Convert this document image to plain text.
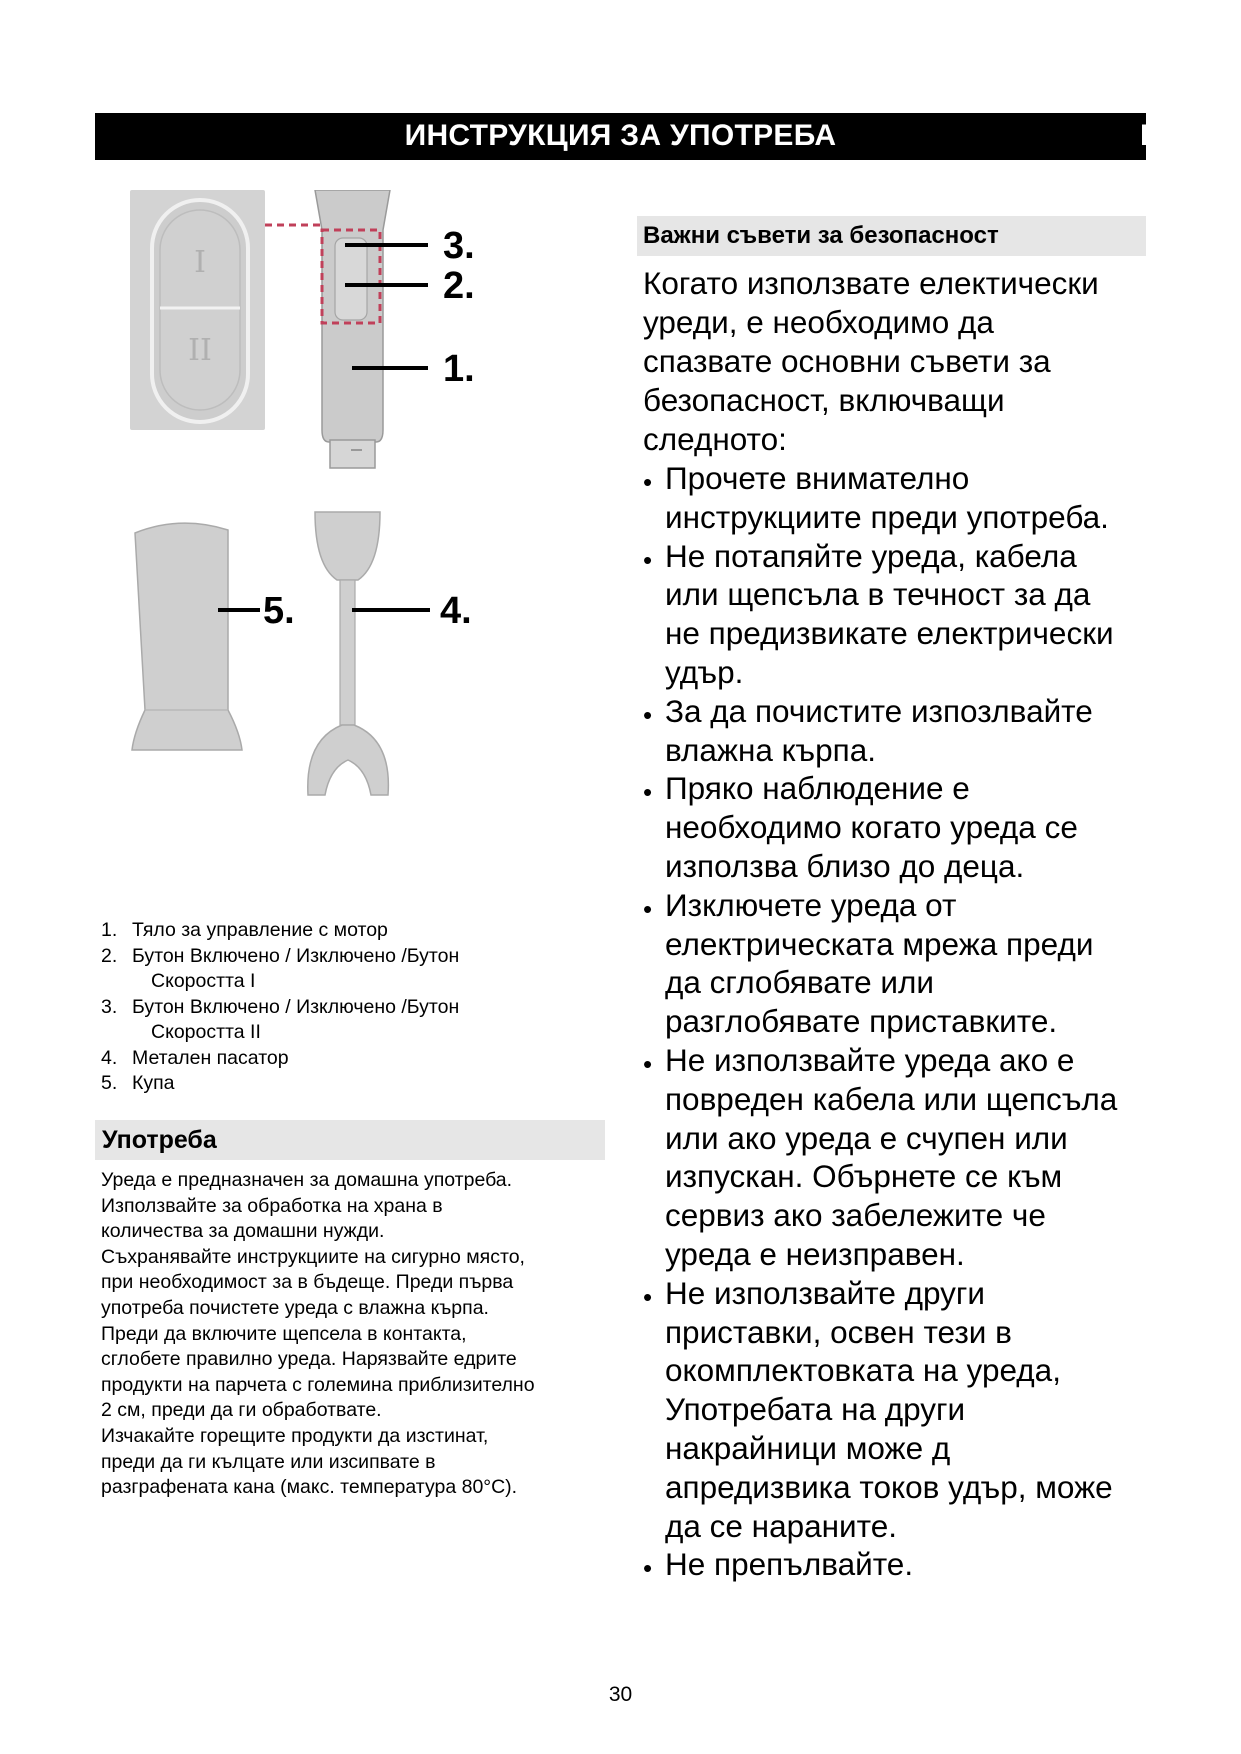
ИНСТРУКЦИЯ ЗА УПОТРЕБА	BG
I
II
3.
2.
1.
5.	4.
1. Тяло за управление с мотор
2. Бутон Включено / Изключено /Бутон
Скоростта I
3. Бутон Включено / Изключено /Бутон
Скоростта II
4. Метален пасатор
5. Купа
Употреба
Уреда е предназначен за домашна употреба.
Използвайте за обработка на храна в
количества за домашни нужди.
Съхранявайте инструкциите на сигурно място,
при необходимост за в бъдеще. Преди първа
употреба почистете уреда с влажна кърпа.
Преди да включите щепсела в контакта,
сглобете правилно уреда. Нарязвайте едрите
продукти на парчета с големина приблизително
2 см, преди да ги обработвате.
Изчакайте горещите продукти да изстинат,
преди да ги кълцате или изсипвате в
разграфената кана (макс. температура 80°С).
Важни съвети за безопасност
Когато използвате електически
уреди, е необходимо да
спазвате основни съвети за
безопасност, включващи
следното:
• Прочете внимателно
инструкциите преди употреба.
• Не потапяйте уреда, кабела
или щепсъла в течност за да
не предизвикате електрически
удър.
• За да почистите изпозлвайте
влажна кърпа.
• Пряко наблюдение е
необходимо когато уреда се
използва близо до деца.
• Изключете уреда от
електрическата мрежа преди
да сглобявате или
разглобявате приставките.
• Не използвайте уреда ако е
повреден кабела или щепсъла
или ако уреда е счупен или
изпускан. Обърнете се към
сервиз ако забележите че
уреда е неизправен.
• Не използвайте други
приставки, освен тези в
окомплектовката на уреда,
Употребата на други
накрайници може д
апредизвика токов удър, може
да се нараните.
• Не препълвайте.
30
